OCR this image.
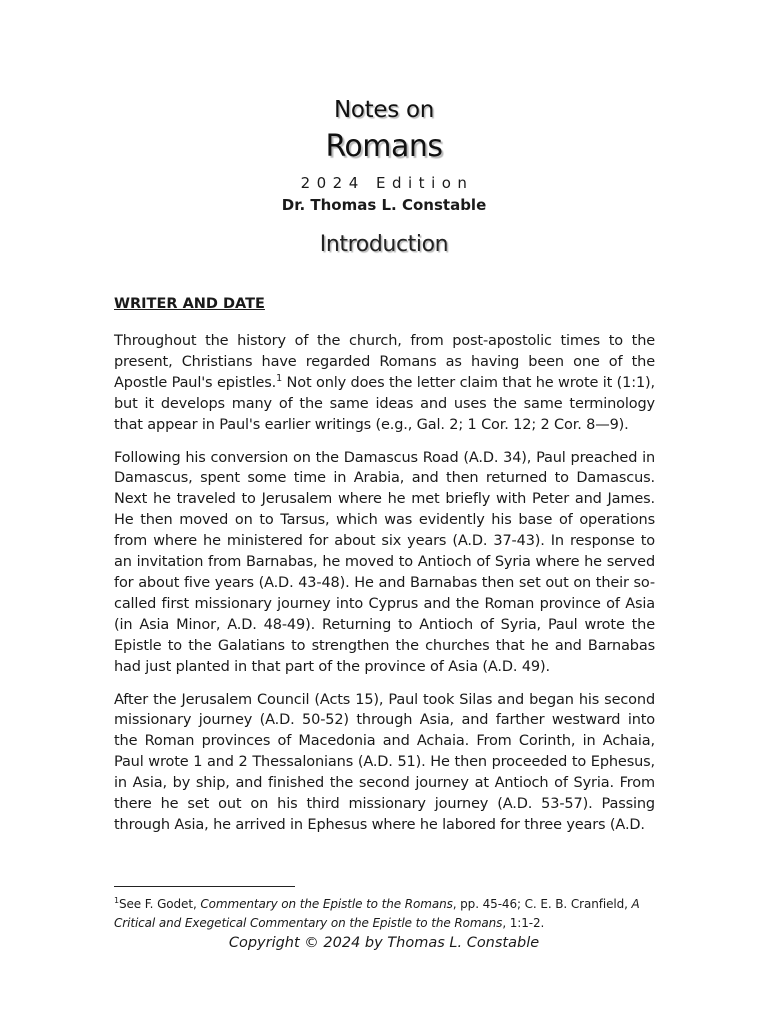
Notes on
Romans
2024 Edition
Dr. Thomas L. Constable
Introduction
WRITER AND DATE

Throughout the history of the church, from post-apostolic times to the present, Christians have regarded Romans as having been one of the Apostle Paul's epistles.$^1$ Not only does the letter claim that he wrote it (1:1), but it develops many of the same ideas and uses the same terminology that appear in Paul's earlier writings (e.g., Gal. 2; 1 Cor. 12; 2 Cor. 8—9).

Following his conversion on the Damascus Road (A.D. 34), Paul preached in Damascus, spent some time in Arabia, and then returned to Damascus. Next he traveled to Jerusalem where he met briefly with Peter and James. He then moved on to Tarsus, which was evidently his base of operations from where he ministered for about six years (A.D. 37-43). In response to an invitation from Barnabas, he moved to Antioch of Syria where he served for about five years (A.D. 43-48). He and Barnabas then set out on their so-called first missionary journey into Cyprus and the Roman province of Asia (in Asia Minor, A.D. 48-49). Returning to Antioch of Syria, Paul wrote the Epistle to the Galatians to strengthen the churches that he and Barnabas had just planted in that part of the province of Asia (A.D. 49).

After the Jerusalem Council (Acts 15), Paul took Silas and began his second missionary journey (A.D. 50-52) through Asia, and farther westward into the Roman provinces of Macedonia and Achaia. From Corinth, in Achaia, Paul wrote 1 and 2 Thessalonians (A.D. 51). He then proceeded to Ephesus, in Asia, by ship, and finished the second journey at Antioch of Syria. From there he set out on his third missionary journey (A.D. 53-57). Passing through Asia, he arrived in Ephesus where he labored for three years (A.D.

$^1$See F. Godet, Commentary on the Epistle to the Romans, pp. 45-46; C. E. B. Cranfield, A Critical and Exegetical Commentary on the Epistle to the Romans, 1:1-2.
Copyright © 2024 by Thomas L. Constable
